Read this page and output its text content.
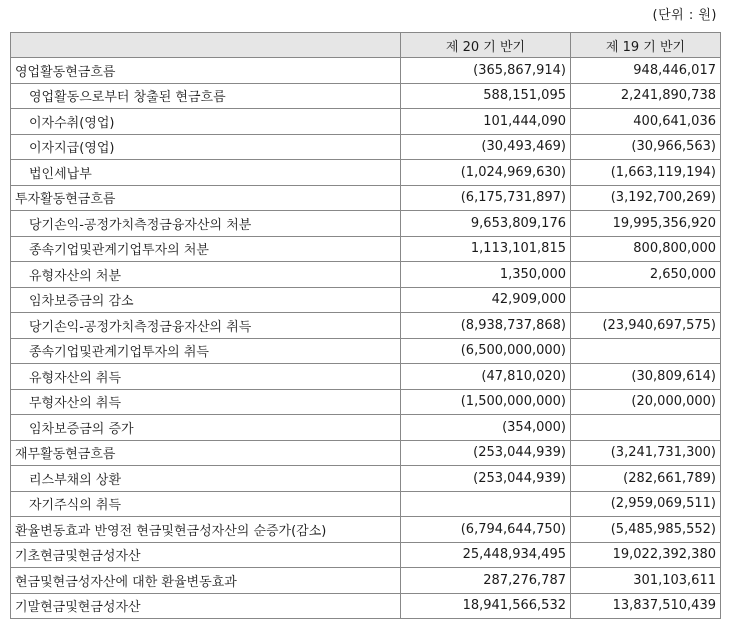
(단위 : 원)
	제 20 기 반기	제 19 기 반기
영업활동현금흐름	(365,867,914)	948,446,017
영업활동으로부터 창출된 현금흐름	588,151,095	2,241,890,738
이자수취(영업)	101,444,090	400,641,036
이자지급(영업)	(30,493,469)	(30,966,563)
법인세납부	(1,024,969,630)	(1,663,119,194)
투자활동현금흐름	(6,175,731,897)	(3,192,700,269)
당기손익-공정가치측정금융자산의 처분	9,653,809,176	19,995,356,920
종속기업및관계기업투자의 처분	1,113,101,815	800,800,000
유형자산의 처분	1,350,000	2,650,000
임차보증금의 감소	42,909,000	
당기손익-공정가치측정금융자산의 취득	(8,938,737,868)	(23,940,697,575)
종속기업및관계기업투자의 취득	(6,500,000,000)	
유형자산의 취득	(47,810,020)	(30,809,614)
무형자산의 취득	(1,500,000,000)	(20,000,000)
임차보증금의 증가	(354,000)	
재무활동현금흐름	(253,044,939)	(3,241,731,300)
리스부채의 상환	(253,044,939)	(282,661,789)
자기주식의 취득		(2,959,069,511)
환율변동효과 반영전 현금및현금성자산의 순증가(감소)	(6,794,644,750)	(5,485,985,552)
기초현금및현금성자산	25,448,934,495	19,022,392,380
현금및현금성자산에 대한 환율변동효과	287,276,787	301,103,611
기말현금및현금성자산	18,941,566,532	13,837,510,439
